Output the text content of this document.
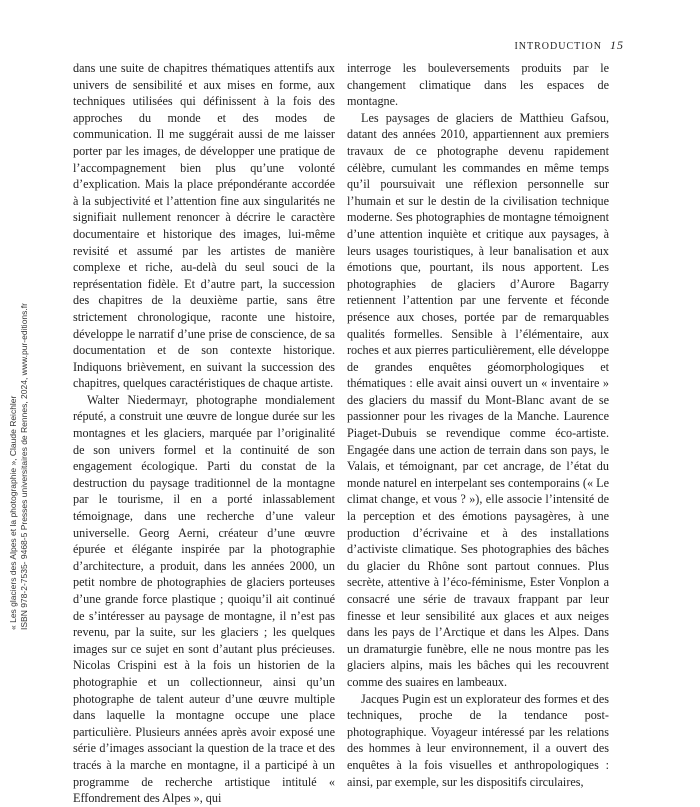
INTRODUCTION 15

dans une suite de chapitres thématiques attentifs aux univers de sensibilité et aux mises en forme, aux techniques utilisées qui définissent à la fois des approches du monde et des modes de communication. Il me suggérait aussi de me laisser porter par les images, de développer une pratique de l’accompagnement bien plus qu’une volonté d’explication. Mais la place prépondérante accordée à la subjectivité et l’attention fine aux singularités ne signifiait nullement renoncer à décrire le caractère documentaire et historique des images, lui-même revisité et assumé par les artistes de manière complexe et riche, au-delà du seul souci de la représentation fidèle. Et d’autre part, la succession des chapitres de la deuxième partie, sans être strictement chronologique, raconte une histoire, développe le narratif d’une prise de conscience, de sa documentation et de son contexte historique. Indiquons brièvement, en suivant la succession des chapitres, quelques caractéristiques de chaque artiste.

Walter Niedermayr, photographe mondialement réputé, a construit une œuvre de longue durée sur les montagnes et les glaciers, marquée par l’originalité de son univers formel et la continuité de son engagement écologique. Parti du constat de la destruction du paysage traditionnel de la montagne par le tourisme, il en a porté inlassablement témoignage, dans une recherche d’une valeur universelle. Georg Aerni, créateur d’une œuvre épurée et élégante inspirée par la photographie d’architecture, a produit, dans les années 2000, un petit nombre de photographies de glaciers porteuses d’une grande force plastique ; quoiqu’il ait continué de s’intéresser au paysage de montagne, il n’est pas revenu, par la suite, sur les glaciers ; les quelques images sur ce sujet en sont d’autant plus précieuses. Nicolas Crispini est à la fois un historien de la photographie et un collectionneur, ainsi qu’un photographe de talent auteur d’une œuvre multiple dans laquelle la montagne occupe une place particulière. Plusieurs années après avoir exposé une série d’images associant la question de la trace et des tracés à la marche en montagne, il a participé à un programme de recherche artistique intitulé « Effondrement des Alpes », qui

interroge les bouleversements produits par le changement climatique dans les espaces de montagne.

Les paysages de glaciers de Matthieu Gafsou, datant des années 2010, appartiennent aux premiers travaux de ce photographe devenu rapidement célèbre, cumulant les commandes en même temps qu’il poursuivait une réflexion personnelle sur l’humain et sur le destin de la civilisation technique moderne. Ses photographies de montagne témoignent d’une attention inquiète et critique aux paysages, à leurs usages touristiques, à leur banalisation et aux émotions que, pourtant, ils nous apportent. Les photographies de glaciers d’Aurore Bagarry retiennent l’attention par une fervente et féconde présence aux choses, portée par de remarquables qualités formelles. Sensible à l’élémentaire, aux roches et aux pierres particulièrement, elle développe de grandes enquêtes géomorphologiques et thématiques : elle avait ainsi ouvert un « inventaire » des glaciers du massif du Mont-Blanc avant de se passionner pour les rivages de la Manche. Laurence Piaget-Dubuis se revendique comme éco-artiste. Engagée dans une action de terrain dans son pays, le Valais, et témoignant, par cet ancrage, de l’état du monde naturel en interpelant ses contemporains (« Le climat change, et vous ? »), elle associe l’intensité de la perception et des émotions paysagères, à une production d’écrivaine et à des installations d’activiste climatique. Ses photographies des bâches du glacier du Rhône sont partout connues. Plus secrète, attentive à l’éco-féminisme, Ester Vonplon a consacré une série de travaux frappant par leur finesse et leur sensibilité aux glaces et aux neiges dans les pays de l’Arctique et dans les Alpes. Dans un dramaturgie funèbre, elle ne nous montre pas les glaciers alpins, mais les bâches qui les recouvrent comme des suaires en lambeaux.

Jacques Pugin est un explorateur des formes et des techniques, proche de la tendance post-photographique. Voyageur intéressé par les relations des hommes à leur environnement, il a ouvert des enquêtes à la fois visuelles et anthropologiques : ainsi, par exemple, sur les dispositifs circulaires,

« Les glaciers des Alpes et la photographie », Claude Reichler ISBN 978-2-7535- 9468-5 Presses universitaires de Rennes, 2024, www.pur-editions.fr
